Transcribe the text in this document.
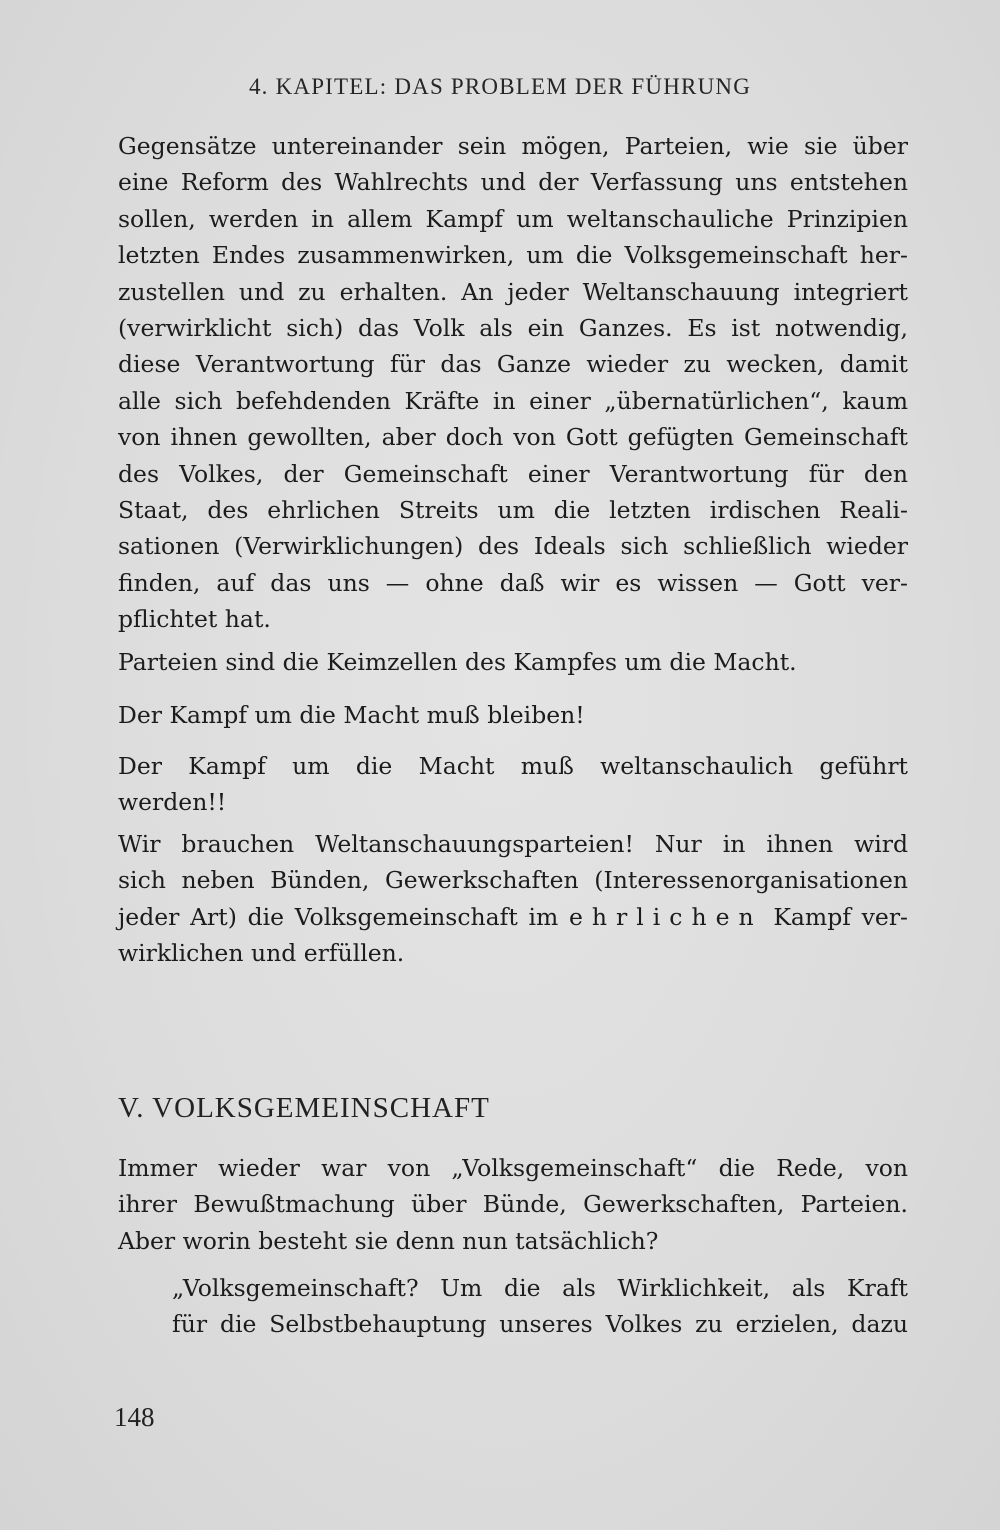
4. KAPITEL: DAS PROBLEM DER FÜHRUNG
Gegensätze untereinander sein mögen, Parteien, wie sie über
eine Reform des Wahlrechts und der Verfassung uns entstehen
sollen, werden in allem Kampf um weltanschauliche Prinzipien
letzten Endes zusammenwirken, um die Volksgemeinschaft her-
zustellen und zu erhalten. An jeder Weltanschauung integriert
(verwirklicht sich) das Volk als ein Ganzes. Es ist notwendig,
diese Verantwortung für das Ganze wieder zu wecken, damit
alle sich befehdenden Kräfte in einer „übernatürlichen“, kaum
von ihnen gewollten, aber doch von Gott gefügten Gemeinschaft
des Volkes, der Gemeinschaft einer Verantwortung für den
Staat, des ehrlichen Streits um die letzten irdischen Reali-
sationen (Verwirklichungen) des Ideals sich schließlich wieder
finden, auf das uns — ohne daß wir es wissen — Gott ver-
pflichtet hat.
Parteien sind die Keimzellen des Kampfes um die Macht.
Der Kampf um die Macht muß bleiben!
Der Kampf um die Macht muß weltanschaulich geführt
werden!!
Wir brauchen Weltanschauungsparteien! Nur in ihnen wird
sich neben Bünden, Gewerkschaften (Interessenorganisationen
jeder Art) die Volksgemeinschaft im ehrlichen Kampf ver-
wirklichen und erfüllen.
V. VOLKSGEMEINSCHAFT
Immer wieder war von „Volksgemeinschaft“ die Rede, von
ihrer Bewußtmachung über Bünde, Gewerkschaften, Parteien.
Aber worin besteht sie denn nun tatsächlich?
„Volksgemeinschaft? Um die als Wirklichkeit, als Kraft
für die Selbstbehauptung unseres Volkes zu erzielen, dazu
148
